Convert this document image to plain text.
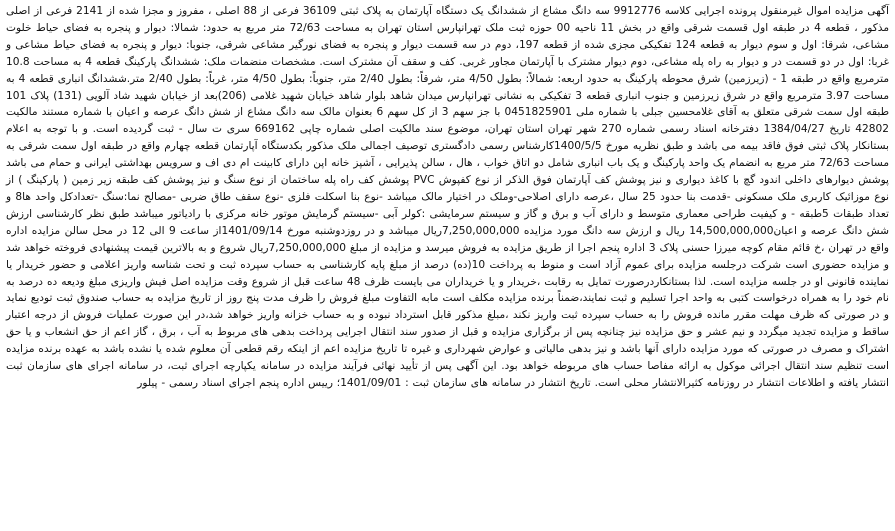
آگهی مزایده اموال غیرمنقول پرونده اجرایی کلاسه 9912776 سه دانگ مشاع از ششدانگ یک دستگاه آپارتمان به پلاک ثبتی 36109 فرعی از 88 اصلی ، مفروز و مجزا شده از 2141 فرعی از اصلی مذکور ، قطعه 4 در طبقه اول قسمت شرقی واقع در بخش 11 ناحیه 00 حوزه ثبت ملک تهرانپارس استان تهران به مساحت 72/63 متر مربع به حدود: شمالا: دیوار و پنجره به فضای حیاط خلوت مشاعی، شرقا: اول و سوم دیوار به قطعه 124 تفکیکی مجزی شده از قطعه 197، دوم در سه قسمت دیوار و پنجره به فضای نورگیر مشاعی شرقی، جنوبا: دیوار و پنجره به فضای حیاط مشاعی و غربا: اول در دو قسمت در و دیوار به راه پله مشاعی، دوم دیوار مشترک با آپارتمان مجاور غربی. کف و سقف آن مشترک است. مشخصات منضمات ملک: ششدانگ پارکینگ قطعه 4 به مساحت 10.8 مترمربع واقع در طبقه 1 - (زیرزمین) شرق محوطه پارکینگ به حدود اربعه: شمالاً: بطول 4/50 متر، شرقاً: بطول 2/40 متر، جنوباً: بطول 4/50 متر، غرباً: بطول 2/40 متر.ششدانگ انباری قطعه 4 به مساحت 3.97 مترمربع واقع در شرق زیرزمین و جنوب انباری قطعه 3 تفکیکی به نشانی تهرانپارس میدان شاهد بلوار شاهد خیابان شهید غلامی (206)بعد از خیابان شهید شاد آلویی (131) پلاک 101 طبقه اول سمت شرقی متعلق به آقای غلامحسین جبلی با شماره ملی 0451825901 با جز سهم 3 از کل سهم 6 بعنوان مالک سه دانگ مشاع از شش دانگ عرصه و اعیان با شماره مستند مالکیت 42802 تاریخ 1384/04/27 دفترخانه اسناد رسمی شماره 270 شهر تهران استان تهران، موضوع سند مالکیت اصلی شماره چاپی 669162 سری ت سال - ثبت گردیده است. و با توجه به اعلام بستانکار پلاک ثبتی فوق فاقد بیمه می باشد و طبق نظریه مورخ 1400/5/5کارشناس رسمی دادگستری توصیف اجمالی ملک مذکور بکدستگاه آپارتمان قطعه چهارم واقع در طبقه اول سمت شرقی به مساحت 72/63 متر مربع به انضمام یک واحد پارکینگ و یک باب انباری شامل دو اتاق خواب ، هال ، سالن پذیرایی ، آشپز خانه اپن دارای کابینت ام دی اف و سرویس بهداشتی ایرانی و حمام می باشد پوشش دیوارهای داخلی اندود گچ با کاغذ دیواری و نیز پوشش کف آپارتمان فوق الذکر از نوع کفپوش PVC پوشش کف راه پله ساختمان از نوع سنگ و نیز پوشش کف طبقه زیر زمین ( پارکینگ ) از نوع موزائیک کاربری ملک مسکونی -قدمت بنا حدود 25 سال ،عرصه دارای اصلاحی-وملک در اختیار مالک میباشد -نوع بنا اسکلت فلزی -نوع سقف طاق ضربی -مصالح نما:سنگ -تعدادکل واحد ها8 و تعداد طبقات 5طبقه - و کیفیت طراحی معماری متوسط و دارای آب و برق و گاز و سیستم سرمایشی :کولر آبی -سیستم گرمایش موتور خانه مرکزی با رادیاتور میباشد طبق نظر کارشناسی ارزش شش دانگ عرصه و اعیان14,500,000,000 ریال و ارزش سه دانگ مورد مزایده 7,250,000,000ریال میباشد و در روزدوشنبه مورخ 1401/09/14از ساعت 9 الی 12 در محل سالن مزایده اداره واقع در تهران ،خ قائم مقام کوچه میرزا حسنی پلاک 3 اداره پنجم اجرا از طریق مزایده به فروش میرسد و مزایده از مبلغ 7,250,000,000ریال شروع و به بالاترین قیمت پیشنهادی فروخته خواهد شد و مزایده حضوری است شرکت درجلسه مزایده برای عموم آزاد است و منوط به پرداخت 10(ده) درصد از مبلغ پایه کارشناسی به حساب سپرده ثبت و تحت شناسه واریز اعلامی و حضور خریدار یا نماینده قانونی او در جلسه مزایده است. لذا بستانکاردرصورت تمایل به رقابت ،خریدار و یا خریداران می بایست ظرف 48 ساعت قبل از شروع وقت مزایده اصل فیش واریزی مبلغ ودیعه ده درصد به نام خود را به همراه درخواست کتبی به واحد اجرا تسلیم و ثبت نمایند،ضمناً برنده مزایده مکلف است مابه التفاوت مبلغ فروش را ظرف مدت پنج روز از تاریخ مزایده به حساب صندوق ثبت تودیع نماید و در صورتی که ظرف مهلت مقرر مانده فروش را به حساب سپرده ثبت واریز نکند ،مبلغ مذکور قابل استرداد نبوده و به حساب خزانه واریز خواهد شد،در این صورت عملیات فروش از درجه اعتبار ساقط و مزایده تجدید میگردد و نیم عشر و حق مزایده نیز چنانچه پس از برگزاری مزایده و قبل از صدور سند انتقال اجرایی پرداخت بدهی های مربوط به آب ، برق ، گاز اعم از حق انشعاب و یا حق اشتراک و مصرف در صورتی که مورد مزایده دارای آنها باشد و نیز بدهی مالیاتی و عوارض شهرداری و غیره تا تاریخ مزایده اعم از اینکه رقم قطعی آن معلوم شده یا نشده باشد به عهده برنده مزایده است تنظیم سند انتقال اجرائی موکول به ارائه مفاصا حساب های مربوطه خواهد بود. این آگهی پس از تأیید نهائی فرآیند مزایده در سامانه یکپارچه اجرای ثبت، در سامانه اجرای های سازمان ثبت انتشار یافته و اطلاعات انتشار در روزنامه کثیرالانتشار محلی است. تاریخ انتشار در سامانه های سازمان ثبت : 1401/09/01؛ رییس اداره پنجم اجرای اسناد رسمی - پیلور
